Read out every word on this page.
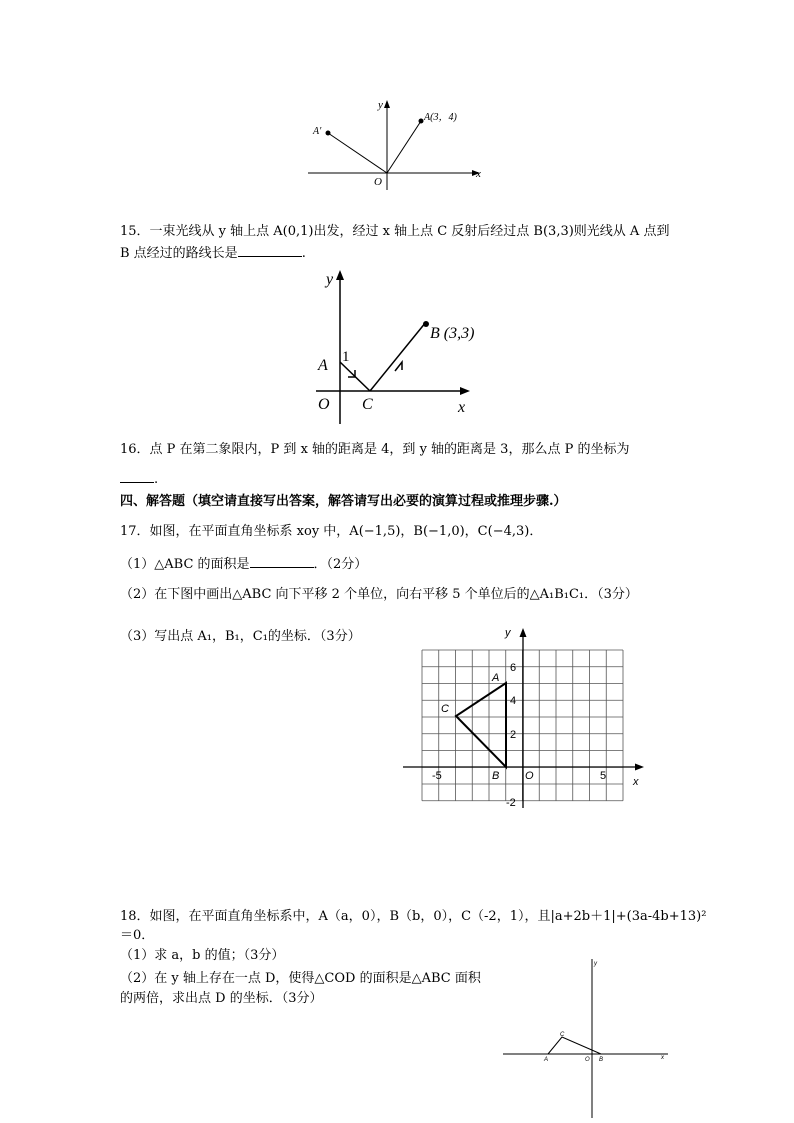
y
x
O
A(3，4)
A′
15．一束光线从 y 轴上点 A(0,1)出发，经过 x 轴上点 C 反射后经过点 B(3,3)则光线从 A 点到
B 点经过的路线长是	.
y
x
O
A 1
C
B (3,3)
16．点 P 在第二象限内，P 到 x 轴的距离是 4，到 y 轴的距离是 3，那么点 P 的坐标为
.
四、解答题（填空请直接写出答案，解答请写出必要的演算过程或推理步骤.）
17．如图，在平面直角坐标系 xoy 中，A(−1,5)，B(−1,0)，C(−4,3)．
（1）△ABC 的面积是	．（2分）
（2）在下图中画出△ABC 向下平移 2 个单位，向右平移 5 个单位后的△A₁B₁C₁．（3分）
（3）写出点 A₁，B₁，C₁的坐标．（3分）	y
x
O
A
B
C
-5	5
6
4
2
-2
18．如图，在平面直角坐标系中，A（a，0），B（b，0），C（-2，1），且|a+2b＋1|+(3a-4b+13)²
＝0．
（1）求 a，b 的值；（3分）
（2）在 y 轴上存在一点 D，使得△COD 的面积是△ABC 面积
的两倍，求出点 D 的坐标．（3分）
y
x
A
C
O B
